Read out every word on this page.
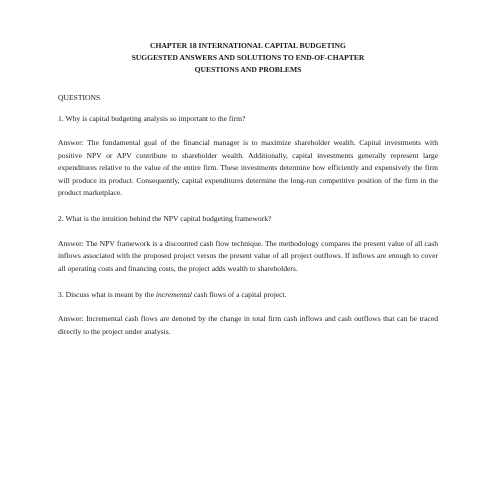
CHAPTER 18 INTERNATIONAL CAPITAL BUDGETING
SUGGESTED ANSWERS AND SOLUTIONS TO END-OF-CHAPTER
QUESTIONS AND PROBLEMS
QUESTIONS

1. Why is capital budgeting analysis so important to the firm?

Answer: The fundamental goal of the financial manager is to maximize shareholder wealth. Capital investments with positive NPV or APV contribute to shareholder wealth. Additionally, capital investments generally represent large expenditures relative to the value of the entire firm. These investments determine how efficiently and expensively the firm will produce its product. Consequently, capital expenditures determine the long-run competitive position of the firm in the product marketplace.

2. What is the intuition behind the NPV capital budgeting framework?

Answer: The NPV framework is a discounted cash flow technique. The methodology compares the present value of all cash inflows associated with the proposed project versus the present value of all project outflows. If inflows are enough to cover all operating costs and financing costs, the project adds wealth to shareholders.

3. Discuss what is meant by the incremental cash flows of a capital project.

Answer: Incremental cash flows are denoted by the change in total firm cash inflows and cash outflows that can be traced directly to the project under analysis.
